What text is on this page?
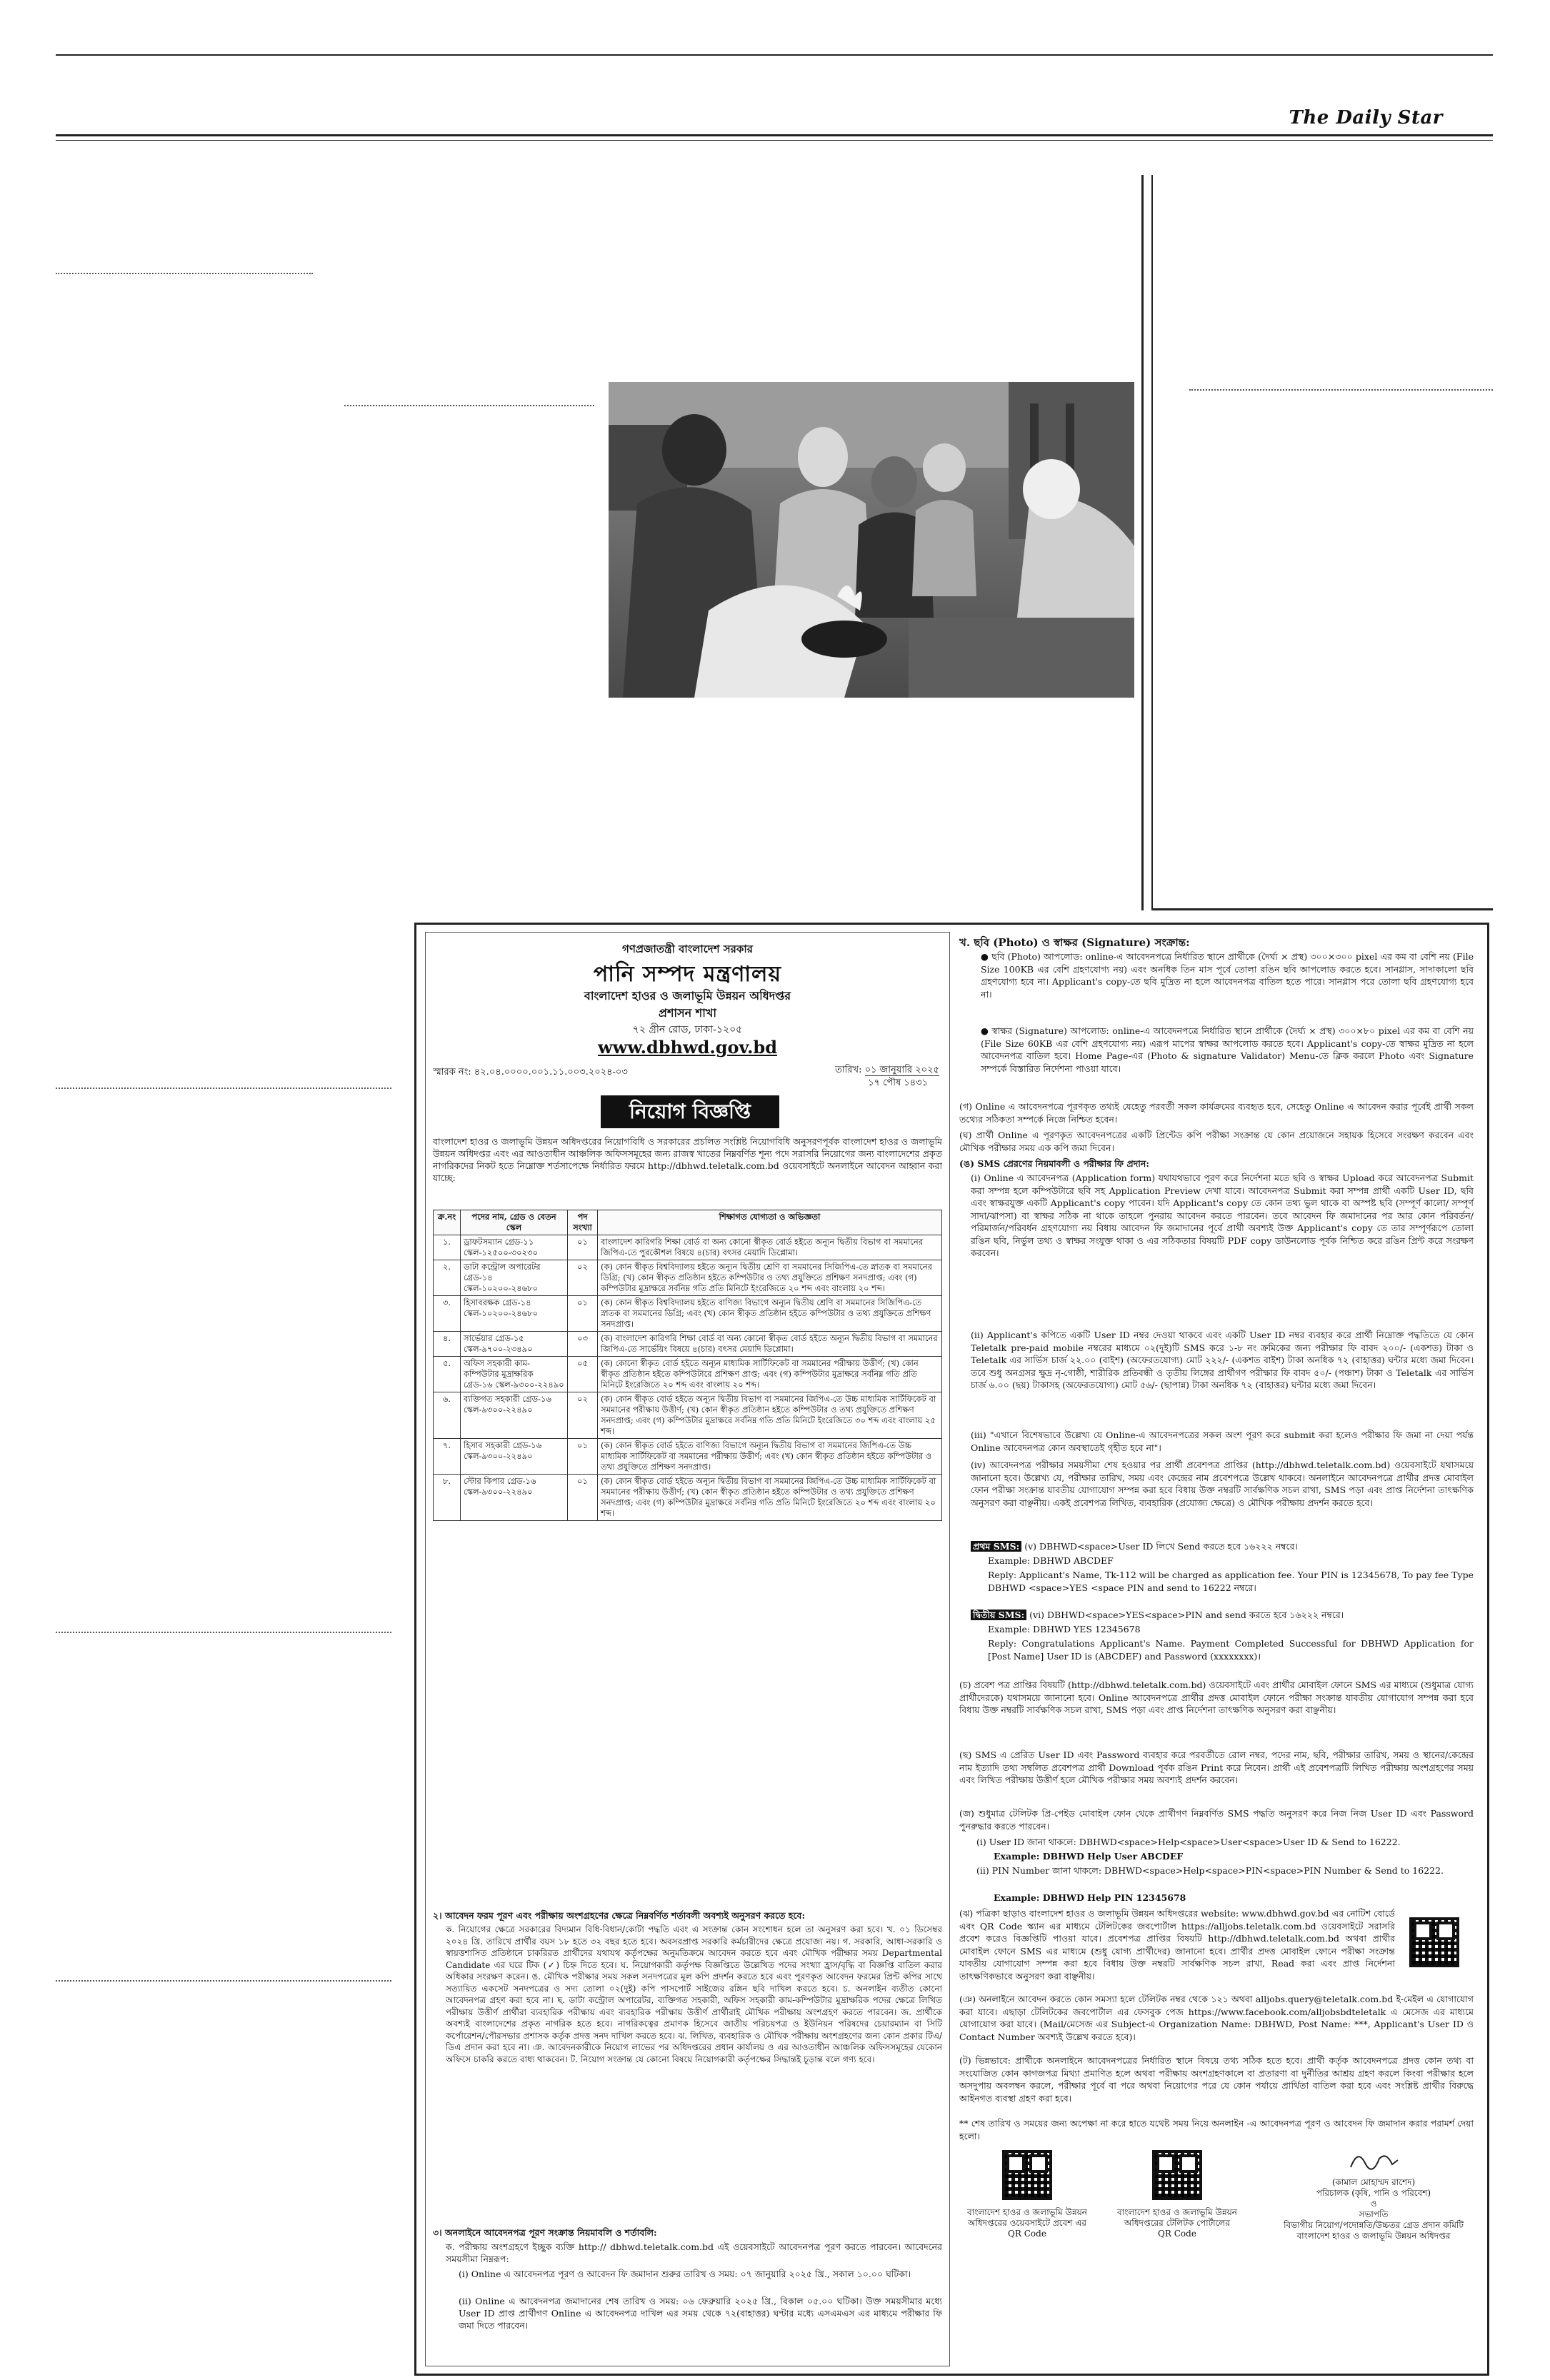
The Daily Star
গণপ্রজাতন্ত্রী বাংলাদেশ সরকার
পানি সম্পদ মন্ত্রণালয়
বাংলাদেশ হাওর ও জলাভূমি উন্নয়ন অধিদপ্তর
প্রশাসন শাখা
৭২ গ্রীন রোড, ঢাকা-১২০৫
www.dbhwd.gov.bd
স্মারক নং: ৪২.০৪.০০০০.০০১.১১.০০৩.২০২৪-০৩	তারিখ: ০১ জানুয়ারি ২০২৫
১৭ পৌষ ১৪৩১
নিয়োগ বিজ্ঞপ্তি
বাংলাদেশ হাওর ও জলাভূমি উন্নয়ন অধিদপ্তরের নিয়োগবিধি ও সরকারের প্রচলিত সংশ্লিষ্ট নিয়োগবিধি অনুসরণপূর্বক বাংলাদেশ হাওর ও জলাভূমি উন্নয়ন অধিদপ্তর এবং এর আওতাধীন আঞ্চলিক অফিসসমূহের জন্য রাজস্ব খাতের নিম্নবর্ণিত শূন্য পদে সরাসরি নিয়োগের জন্য বাংলাদেশের প্রকৃত নাগরিকদের নিকট হতে নিম্নোক্ত শর্তসাপেক্ষে নির্ধারিত ফরমে http://dbhwd.teletalk.com.bd ওয়েবসাইটে অনলাইনে আবেদন আহ্বান করা যাচ্ছে:
ক্র.নং	পদের নাম, গ্রেড ও বেতন স্কেল	পদ সংখ্যা	শিক্ষাগত যোগ্যতা ও অভিজ্ঞতা
১.	ড্রাফটসম্যান গ্রেড-১১ স্কেল-১২৫০০-৩০২৩০	০১	বাংলাদেশ কারিগরি শিক্ষা বোর্ড বা অন্য কোনো স্বীকৃত বোর্ড হইতে অন্যূন দ্বিতীয় বিভাগ বা সমমানের জিপিএ-তে পুরকৌশল বিষয়ে ৪(চার) বৎসর মেয়াদি ডিপ্লোমা।
২.	ডাটা কন্ট্রোল অপারেটর গ্রেড-১৪ স্কেল-১০২০০-২৪৬৮০	০২	(ক) কোন স্বীকৃত বিশ্ববিদ্যালয় হইতে অন্যূন দ্বিতীয় শ্রেণি বা সমমানের সিজিপিএ-তে স্নাতক বা সমমানের ডিগ্রি; (খ) কোন স্বীকৃত প্রতিষ্ঠান হইতে কম্পিউটার ও তথ্য প্রযুক্তিতে প্রশিক্ষণ সনদপ্রাপ্ত; এবং (গ) কম্পিউটার মুদ্রাক্ষরে সর্বনিম্ন গতি প্রতি মিনিটে ইংরেজিতে ২০ শব্দ এবং বাংলায় ২০ শব্দ।
৩.	হিসাবরক্ষক গ্রেড-১৪ স্কেল-১০২০০-২৪৬৮০	০১	(ক) কোন স্বীকৃত বিশ্ববিদ্যালয় হইতে বাণিজ্য বিভাগে অন্যূন দ্বিতীয় শ্রেণি বা সমমানের সিজিপিএ-তে স্নাতক বা সমমানের ডিগ্রি; এবং (খ) কোন স্বীকৃত প্রতিষ্ঠান হইতে কম্পিউটার ও তথ্য প্রযুক্তিতে প্রশিক্ষণ সনদপ্রাপ্ত।
৪.	সার্ভেয়ার গ্রেড-১৫ স্কেল-৯৭০০-২৩৪৯০	০৩	(ক) বাংলাদেশ কারিগরি শিক্ষা বোর্ড বা অন্য কোনো স্বীকৃত বোর্ড হইতে অন্যূন দ্বিতীয় বিভাগ বা সমমানের জিপিএ-তে সার্ভেয়িং বিষয়ে ৪(চার) বৎসর মেয়াদি ডিপ্লোমা।
৫.	অফিস সহকারী কাম-কম্পিউটার মুদ্রাক্ষরিক গ্রেড-১৬ স্কেল-৯৩০০-২২৪৯০	০৫	(ক) কোনো স্বীকৃত বোর্ড হইতে অন্যূন মাধ্যমিক সার্টিফিকেট বা সমমানের পরীক্ষায় উত্তীর্ণ; (খ) কোন স্বীকৃত প্রতিষ্ঠান হইতে কম্পিউটারে প্রশিক্ষণ প্রাপ্ত; এবং (গ) কম্পিউটার মুদ্রাক্ষরে সর্বনিম্ন গতি প্রতি মিনিটে ইংরেজিতে ২০ শব্দ এবং বাংলায় ২০ শব্দ।
৬.	ব্যক্তিগত সহকারী গ্রেড-১৬ স্কেল-৯৩০০-২২৪৯০	০২	(ক) কোন স্বীকৃত বোর্ড হইতে অন্যূন দ্বিতীয় বিভাগ বা সমমানের জিপিএ-তে উচ্চ মাধ্যমিক সার্টিফিকেট বা সমমানের পরীক্ষায় উত্তীর্ণ; (খ) কোন স্বীকৃত প্রতিষ্ঠান হইতে কম্পিউটার ও তথ্য প্রযুক্তিতে প্রশিক্ষণ সনদপ্রাপ্ত; এবং (গ) কম্পিউটার মুদ্রাক্ষরে সর্বনিম্ন গতি প্রতি মিনিটে ইংরেজিতে ৩০ শব্দ এবং বাংলায় ২৫ শব্দ।
৭.	হিসাব সহকারী গ্রেড-১৬ স্কেল-৯৩০০-২২৪৯০	০১	(ক) কোন স্বীকৃত বোর্ড হইতে বাণিজ্য বিভাগে অন্যূন দ্বিতীয় বিভাগ বা সমমানের জিপিএ-তে উচ্চ মাধ্যমিক সার্টিফিকেট বা সমমানের পরীক্ষায় উত্তীর্ণ; এবং (খ) কোন স্বীকৃত প্রতিষ্ঠান হইতে কম্পিউটার ও তথ্য প্রযুক্তিতে প্রশিক্ষণ সনদপ্রাপ্ত।
৮.	স্টোর কিপার গ্রেড-১৬ স্কেল-৯৩০০-২২৪৯০	০১	(ক) কোন স্বীকৃত বোর্ড হইতে অন্যূন দ্বিতীয় বিভাগ বা সমমানের জিপিএ-তে উচ্চ মাধ্যমিক সার্টিফিকেট বা সমমানের পরীক্ষায় উত্তীর্ণ; (খ) কোন স্বীকৃত প্রতিষ্ঠান হইতে কম্পিউটার ও তথ্য প্রযুক্তিতে প্রশিক্ষণ সনদপ্রাপ্ত; এবং (গ) কম্পিউটার মুদ্রাক্ষরে সর্বনিম্ন গতি প্রতি মিনিটে ইংরেজিতে ২০ শব্দ এবং বাংলায় ২০ শব্দ।
২। আবেদন ফরম পূরণ এবং পরীক্ষায় অংশগ্রহণের ক্ষেত্রে নিম্নবর্ণিত শর্তাবলী অবশ্যই অনুসরণ করতে হবে:
ক. নিয়োগের ক্ষেত্রে সরকারের বিদ্যমান বিধি-বিধান/কোটা পদ্ধতি এবং এ সংক্রান্ত কোন সংশোধন হলে তা অনুসরণ করা হবে। খ. ০১ ডিসেম্বর ২০২৪ খ্রি. তারিখে প্রার্থীর বয়স ১৮ হতে ৩২ বছর হতে হবে। অবসরপ্রাপ্ত সরকারি কর্মচারীদের ক্ষেত্রে প্রযোজ্য নয়। গ. সরকারি, আধা-সরকারি ও স্বায়ত্তশাসিত প্রতিষ্ঠানে চাকরিরত প্রার্থীদের যথাযথ কর্তৃপক্ষের অনুমতিক্রমে আবেদন করতে হবে এবং মৌখিক পরীক্ষার সময় Departmental Candidate এর ঘরে টিক (✓) চিহ্ন দিতে হবে। ঘ. নিয়োগকারী কর্তৃপক্ষ বিজ্ঞপ্তিতে উল্লেখিত পদের সংখ্যা হ্রাস/বৃদ্ধি বা বিজ্ঞপ্তি বাতিল করার অধিকার সংরক্ষণ করেন। ঙ. মৌখিক পরীক্ষার সময় সকল সনদপত্রের মূল কপি প্রদর্শন করতে হবে এবং পূরণকৃত আবেদন ফরমের প্রিন্ট কপির সাথে সত্যায়িত একসেট সনদপত্রের ও সদ্য তোলা ০২(দুই) কপি পাসপোর্ট সাইজের রঙ্গিন ছবি দাখিল করতে হবে। চ. অনলাইন ব্যতীত কোনো আবেদনপত্র গ্রহণ করা হবে না। ছ. ডাটা কন্ট্রোল অপারেটর, ব্যক্তিগত সহকারী, অফিস সহকারী কাম-কম্পিউটার মুদ্রাক্ষরিক পদের ক্ষেত্রে লিখিত পরীক্ষায় উত্তীর্ণ প্রার্থীরা ব্যবহারিক পরীক্ষায় এবং ব্যবহারিক পরীক্ষায় উত্তীর্ণ প্রার্থীরাই মৌখিক পরীক্ষায় অংশগ্রহণ করতে পারবেন। জ. প্রার্থীকে অবশ্যই বাংলাদেশের প্রকৃত নাগরিক হতে হবে। নাগরিকত্বের প্রমাণক হিসেবে জাতীয় পরিচয়পত্র ও ইউনিয়ন পরিষদের চেয়ারম্যান বা সিটি কর্পোরেশন/পৌরসভার প্রশাসক কর্তৃক প্রদত্ত সনদ দাখিল করতে হবে। ঝ. লিখিত, ব্যবহারিক ও মৌখিক পরীক্ষায় অংশগ্রহণের জন্য কোন প্রকার টিএ/ডিএ প্রদান করা হবে না। ঞ. আবেদনকারীকে নিয়োগ লাভের পর অধিদপ্তরের প্রধান কার্যালয় ও এর আওতাধীন আঞ্চলিক অফিসসমূহের যেকোন অফিসে চাকরি করতে বাধ্য থাকবেন। ট. নিয়োগ সংক্রান্ত যে কোনো বিষয়ে নিয়োগকারী কর্তৃপক্ষের সিদ্ধান্তই চূড়ান্ত বলে গণ্য হবে।
৩। অনলাইনে আবেদনপত্র পূরণ সংক্রান্ত নিয়মাবলি ও শর্তাবলি:
ক. পরীক্ষায় অংশগ্রহণে ইচ্ছুক ব্যক্তি http:// dbhwd.teletalk.com.bd এই ওয়েবসাইটে আবেদনপত্র পূরণ করতে পারবেন। আবেদনের সময়সীমা নিম্নরূপ:
(i) Online এ আবেদনপত্র পূরণ ও আবেদন ফি জমাদান শুরুর তারিখ ও সময়: ০৭ জানুয়ারি ২০২৫ খ্রি., সকাল ১০.০০ ঘটিকা।
(ii) Online এ আবেদনপত্র জমাদানের শেষ তারিখ ও সময়: ০৬ ফেব্রুয়ারি ২০২৫ খ্রি., বিকাল ০৫.০০ ঘটিকা। উক্ত সময়সীমার মধ্যে User ID প্রাপ্ত প্রার্থীগণ Online এ আবেদনপত্র দাখিল এর সময় থেকে ৭২(বাহাত্তর) ঘণ্টার মধ্যে এসএমএস এর মাধ্যমে পরীক্ষার ফি জমা দিতে পারবেন।
খ. ছবি (Photo) ও স্বাক্ষর (Signature) সংক্রান্ত:
● ছবি (Photo) আপলোড: online-এ আবেদনপত্রে নির্ধারিত স্থানে প্রার্থীকে (দৈর্ঘ্য × প্রস্থ) ৩০০×৩০০ pixel এর কম বা বেশি নয় (File Size 100KB এর বেশি গ্রহণযোগ্য নয়) এবং অনধিক তিন মাস পূর্বে তোলা রঙিন ছবি আপলোড করতে হবে। সানগ্লাস, সাদাকালো ছবি গ্রহণযোগ্য হবে না। Applicant's copy-তে ছবি মুদ্রিত না হলে আবেদনপত্র বাতিল হতে পারে। সানগ্লাস পরে তোলা ছবি গ্রহণযোগ্য হবে না।
● স্বাক্ষর (Signature) আপলোড: online-এ আবেদনপত্রে নির্ধারিত স্থানে প্রার্থীকে (দৈর্ঘ্য × প্রস্থ) ৩০০×৮০ pixel এর কম বা বেশি নয় (File Size 60KB এর বেশি গ্রহণযোগ্য নয়) এরূপ মাপের স্বাক্ষর আপলোড করতে হবে। Applicant's copy-তে স্বাক্ষর মুদ্রিত না হলে আবেদনপত্র বাতিল হবে। Home Page-এর (Photo & signature Validator) Menu-তে ক্লিক করলে Photo এবং Signature সম্পর্কে বিস্তারিত নির্দেশনা পাওয়া যাবে।
(গ) Online এ আবেদনপত্রে পূরণকৃত তথ্যই যেহেতু পরবর্তী সকল কার্যক্রমের ব্যবহৃত হবে, সেহেতু Online এ আবেদন করার পূর্বেই প্রার্থী সকল তথ্যের সঠিকতা সম্পর্কে নিজে নিশ্চিত হবেন।
(ঘ) প্রার্থী Online এ পূরণকৃত আবেদনপত্রের একটি প্রিন্টেড কপি পরীক্ষা সংক্রান্ত যে কোন প্রয়োজনে সহায়ক হিসেবে সংরক্ষণ করবেন এবং মৌখিক পরীক্ষার সময় এক কপি জমা দিবেন।
(ঙ) SMS প্রেরণের নিয়মাবলী ও পরীক্ষার ফি প্রদান:
(i) Online এ আবেদনপত্র (Application form) যথাযথভাবে পূরণ করে নির্দেশনা মতে ছবি ও স্বাক্ষর Upload করে আবেদনপত্র Submit করা সম্পন্ন হলে কম্পিউটারে ছবি সহ Application Preview দেখা যাবে। আবেদনপত্র Submit করা সম্পন্ন প্রার্থী একটি User ID, ছবি এবং স্বাক্ষরযুক্ত একটি Applicant's copy পাবেন। যদি Applicant's copy তে কোন তথ্য ভুল থাকে বা অস্পষ্ট ছবি (সম্পূর্ণ কালো/ সম্পূর্ণ সাদা/ঝাপসা) বা স্বাক্ষর সঠিক না থাকে তাহলে পুনরায় আবেদন করতে পারবেন। তবে আবেদন ফি জমাদানের পর আর কোন পরিবর্তন/ পরিমার্জন/পরিবর্ধন গ্রহণযোগ্য নয় বিধায় আবেদন ফি জমাদানের পূর্বে প্রার্থী অবশ্যই উক্ত Applicant's copy তে তার সম্পূর্ণরূপে তোলা রঙিন ছবি, নির্ভুল তথ্য ও স্বাক্ষর সংযুক্ত থাকা ও এর সঠিকতার বিষয়টি PDF copy ডাউনলোড পূর্বক নিশ্চিত করে রঙিন প্রিন্ট করে সংরক্ষণ করবেন।
(ii) Applicant's কপিতে একটি User ID নম্বর দেওয়া থাকবে এবং একটি User ID নম্বর ব্যবহার করে প্রার্থী নিম্নোক্ত পদ্ধতিতে যে কোন Teletalk pre-paid mobile নম্বরের মাধ্যমে ০২(দুই)টি SMS করে ১-৮ নং ক্রমিকের জন্য পরীক্ষার ফি বাবদ ২০০/- (একশত) টাকা ও Teletalk এর সার্ভিস চার্জ ২২.০০ (বাইশ) (অফেরতযোগ্য) মোট ২২২/- (একশত বাইশ) টাকা অনধিক ৭২ (বাহাত্তর) ঘন্টার মধ্যে জমা দিবেন। তবে শুধু অনগ্রসর ক্ষুদ্র নৃ-গোষ্ঠী, শারীরিক প্রতিবন্ধী ও তৃতীয় লিঙ্গের প্রার্থীগণ পরীক্ষার ফি বাবদ ৫০/- (পঞ্চাশ) টাকা ও Teletalk এর সার্ভিস চার্জ ৬.০০ (ছয়) টাকাসহ (অফেরতযোগ্য) মোট ৫৬/- (ছাপান্ন) টাকা অনধিক ৭২ (বাহাত্তর) ঘন্টার মধ্যে জমা দিবেন।
(iii) "এখানে বিশেষভাবে উল্লেখ্য যে Online-এ আবেদনপত্রের সকল অংশ পূরণ করে submit করা হলেও পরীক্ষার ফি জমা না দেয়া পর্যন্ত Online আবেদনপত্র কোন অবস্থাতেই গৃহীত হবে না"।
(iv) আবেদনপত্র পরীক্ষার সময়সীমা শেষ হওয়ার পর প্রার্থী প্রবেশপত্র প্রাপ্তির (http://dbhwd.teletalk.com.bd) ওয়েবসাইটে যথাসময়ে জানানো হবে। উল্লেখ্য যে, পরীক্ষার তারিখ, সময় এবং কেন্দ্রের নাম প্রবেশপত্রে উল্লেখ থাকবে। অনলাইনে আবেদনপত্রে প্রার্থীর প্রদত্ত মোবাইল ফোন পরীক্ষা সংক্রান্ত যাবতীয় যোগাযোগ সম্পন্ন করা হবে বিধায় উক্ত নম্বরটি সার্বক্ষণিক সচল রাখা, SMS পড়া এবং প্রাপ্ত নির্দেশনা তাৎক্ষণিক অনুসরণ করা বাঞ্ছনীয়। একই প্রবেশপত্র লিখিত, ব্যবহারিক (প্রযোজ্য ক্ষেত্রে) ও মৌখিক পরীক্ষায় প্রদর্শন করতে হবে।
প্রথম SMS: (v) DBHWD<space>User ID লিখে Send করতে হবে ১৬২২২ নম্বরে।
Example: DBHWD ABCDEF
Reply: Applicant's Name, Tk-112 will be charged as application fee. Your PIN is 12345678, To pay fee Type DBHWD <space>YES <space PIN and send to 16222 নম্বরে।
দ্বিতীয় SMS: (vi) DBHWD<space>YES<space>PIN and send করতে হবে ১৬২২২ নম্বরে।
Example: DBHWD YES 12345678
Reply: Congratulations Applicant's Name. Payment Completed Successful for DBHWD Application for [Post Name] User ID is (ABCDEF) and Password (xxxxxxxx)।
(চ) প্রবেশ পত্র প্রাপ্তির বিষয়টি (http://dbhwd.teletalk.com.bd) ওয়েবসাইটে এবং প্রার্থীর মোবাইল ফোনে SMS এর মাধ্যমে (শুধুমাত্র যোগ্য প্রার্থীদেরকে) যথাসময়ে জানানো হবে। Online আবেদনপত্রে প্রার্থীর প্রদত্ত মোবাইল ফোনে পরীক্ষা সংক্রান্ত যাবতীয় যোগাযোগ সম্পন্ন করা হবে বিধায় উক্ত নম্বরটি সার্বক্ষণিক সচল রাখা, SMS পড়া এবং প্রাপ্ত নির্দেশনা তাৎক্ষণিক অনুসরণ করা বাঞ্ছনীয়।
(ছ) SMS এ প্রেরিত User ID এবং Password ব্যবহার করে পরবর্তীতে রোল নম্বর, পদের নাম, ছবি, পরীক্ষার তারিখ, সময় ও স্থানের/কেন্দ্রের নাম ইত্যাদি তথ্য সম্বলিত প্রবেশপত্র প্রার্থী Download পূর্বক রঙিন Print করে নিবেন। প্রার্থী এই প্রবেশপত্রটি লিখিত পরীক্ষায় অংশগ্রহণের সময় এবং লিখিত পরীক্ষায় উত্তীর্ণ হলে মৌখিক পরীক্ষার সময় অবশ্যই প্রদর্শন করবেন।
(জ) শুধুমাত্র টেলিটক প্রি-পেইড মোবাইল ফোন থেকে প্রার্থীগণ নিম্নবর্ণিত SMS পদ্ধতি অনুসরণ করে নিজ নিজ User ID এবং Password পুনরুদ্ধার করতে পারবেন।
(i) User ID জানা থাকলে: DBHWD<space>Help<space>User<space>User ID & Send to 16222.
Example: DBHWD Help User ABCDEF
(ii) PIN Number জানা থাকলে: DBHWD<space>Help<space>PIN<space>PIN Number & Send to 16222.
Example: DBHWD Help PIN 12345678
(ঝ) পত্রিকা ছাড়াও বাংলাদেশ হাওর ও জলাভূমি উন্নয়ন অধিদপ্তরের website: www.dbhwd.gov.bd এর নোটিশ বোর্ডে এবং QR Code স্ক্যান এর মাধ্যমে টেলিটকের জবপোর্টাল https://alljobs.teletalk.com.bd ওয়েবসাইটে সরাসরি প্রবেশ করেও বিজ্ঞপ্তিটি পাওয়া যাবে। প্রবেশপত্র প্রাপ্তির বিষয়টি http://dbhwd.teletalk.com.bd অথবা প্রার্থীর মোবাইল ফোনে SMS এর মাধ্যমে (শুধু যোগ্য প্রার্থীদের) জানানো হবে। প্রার্থীর প্রদত্ত মোবাইল ফোনে পরীক্ষা সংক্রান্ত যাবতীয় যোগাযোগ সম্পন্ন করা হবে বিধায় উক্ত নম্বরটি সার্বক্ষণিক সচল রাখা, Read করা এবং প্রাপ্ত নির্দেশনা তাৎক্ষণিকভাবে অনুসরণ করা বাঞ্ছনীয়।
(ঞ) অনলাইনে আবেদন করতে কোন সমস্যা হলে টেলিটক নম্বর থেকে ১২১ অথবা alljobs.query@teletalk.com.bd ই-মেইল এ যোগাযোগ করা যাবে। এছাড়া টেলিটকের জবপোর্টাল এর ফেসবুক পেজ https://www.facebook.com/alljobsbdteletalk এ মেসেজ এর মাধ্যমে যোগাযোগ করা যাবে। (Mail/মেসেজ এর Subject-এ Organization Name: DBHWD, Post Name: ***, Applicant's User ID ও Contact Number অবশ্যই উল্লেখ করতে হবে)।
(ট) ভিন্নভাবে: প্রার্থীকে অনলাইনে আবেদনপত্রের নির্ধারিত স্থানে বিষয়ে তথ্য সঠিক হতে হবে। প্রার্থী কর্তৃক আবেদনপত্রে প্রদত্ত কোন তথ্য বা সংযোজিত কোন কাগজপত্র মিথ্যা প্রমাণিত হলে অথবা পরীক্ষায় অংশগ্রহণকালে বা প্রতারণা বা দুর্নীতির আশ্রয় গ্রহণ করলে কিংবা পরীক্ষার হলে অসদুপায় অবলম্বন করলে, পরীক্ষার পূর্বে বা পরে অথবা নিয়োগের পরে যে কোন পর্যায়ে প্রার্থিতা বাতিল করা হবে এবং সংশ্লিষ্ট প্রার্থীর বিরুদ্ধে আইনগত ব্যবস্থা গ্রহণ করা হবে।
** শেষ তারিখ ও সময়ের জন্য অপেক্ষা না করে হাতে যথেষ্ট সময় নিয়ে অনলাইন -এ আবেদনপত্র পূরণ ও আবেদন ফি জমাদান করার পরামর্শ দেয়া হলো।
বাংলাদেশ হাওর ও জলাভূমি উন্নয়ন অধিদপ্তরের ওয়েবসাইটে প্রবেশ এর QR Code
বাংলাদেশ হাওর ও জলাভূমি উন্নয়ন অধিদপ্তরের টেলিটক পোর্টালের QR Code
(কামাল মোহাম্মদ রাশেদ)
পরিচালক (কৃষি, পানি ও পরিবেশ)
ও
সভাপতি
বিভাগীয় নিয়োগ/পদোন্নতি/উচ্চতর গ্রেড প্রদান কমিটি বাংলাদেশ হাওর ও জলাভূমি উন্নয়ন অধিদপ্তর
